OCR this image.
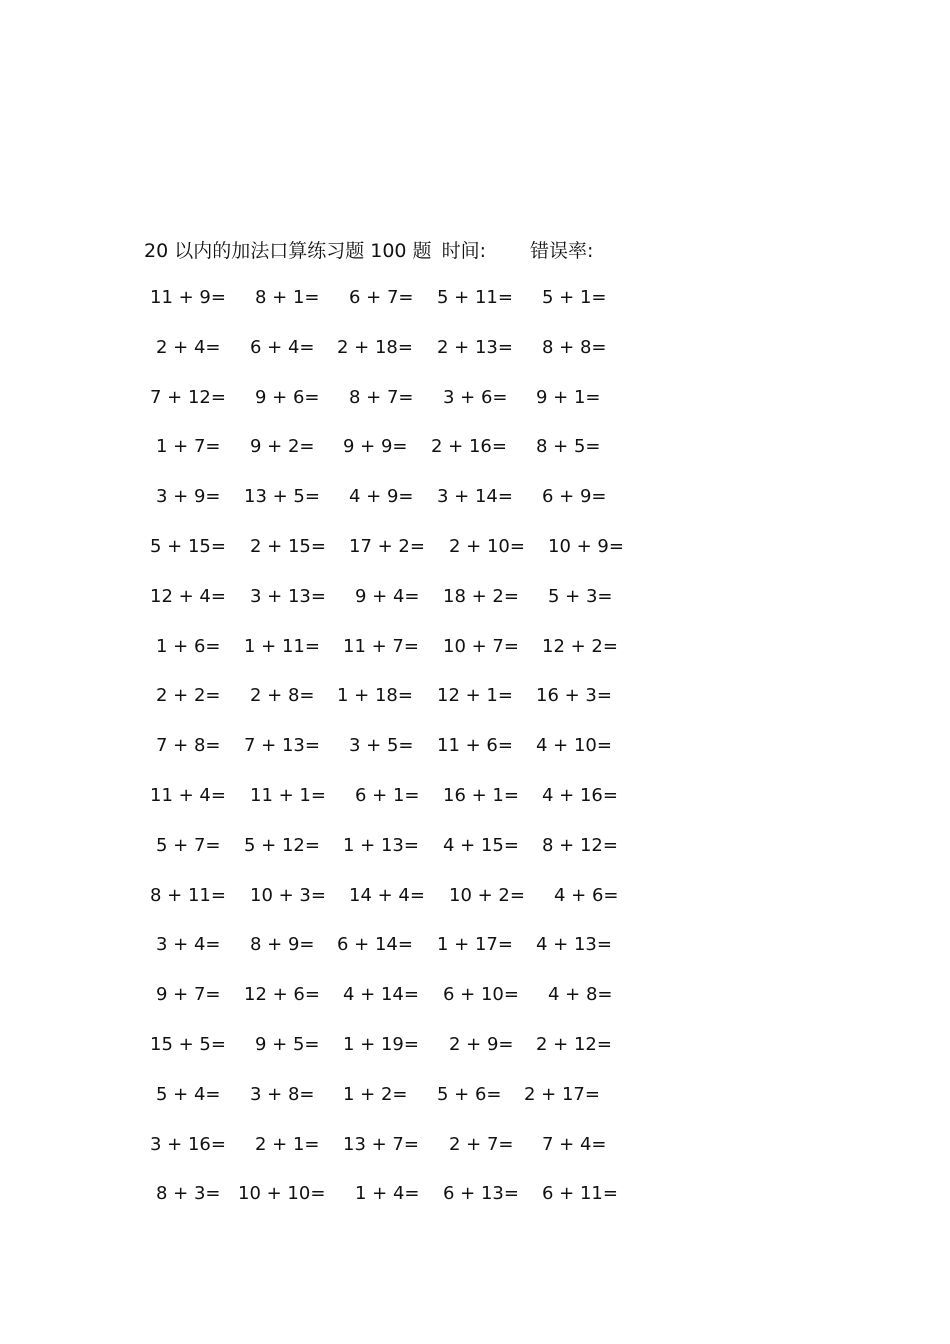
20 以内的加法口算练习题 100 题 时间: 错误率:
11 + 9= 8 + 1= 6 + 7= 5 + 11= 5 + 1=
2 + 4= 6 + 4= 2 + 18= 2 + 13= 8 + 8=
7 + 12= 9 + 6= 8 + 7= 3 + 6= 9 + 1=
1 + 7= 9 + 2= 9 + 9= 2 + 16= 8 + 5=
3 + 9= 13 + 5= 4 + 9= 3 + 14= 6 + 9=
5 + 15= 2 + 15= 17 + 2= 2 + 10= 10 + 9=
12 + 4= 3 + 13= 9 + 4= 18 + 2= 5 + 3=
1 + 6= 1 + 11= 11 + 7= 10 + 7= 12 + 2=
2 + 2= 2 + 8= 1 + 18= 12 + 1= 16 + 3=
7 + 8= 7 + 13= 3 + 5= 11 + 6= 4 + 10=
11 + 4= 11 + 1= 6 + 1= 16 + 1= 4 + 16=
5 + 7= 5 + 12= 1 + 13= 4 + 15= 8 + 12=
8 + 11= 10 + 3= 14 + 4= 10 + 2= 4 + 6=
3 + 4= 8 + 9= 6 + 14= 1 + 17= 4 + 13=
9 + 7= 12 + 6= 4 + 14= 6 + 10= 4 + 8=
15 + 5= 9 + 5= 1 + 19= 2 + 9= 2 + 12=
5 + 4= 3 + 8= 1 + 2= 5 + 6= 2 + 17=
3 + 16= 2 + 1= 13 + 7= 2 + 7= 7 + 4=
8 + 3= 10 + 10= 1 + 4= 6 + 13= 6 + 11=
